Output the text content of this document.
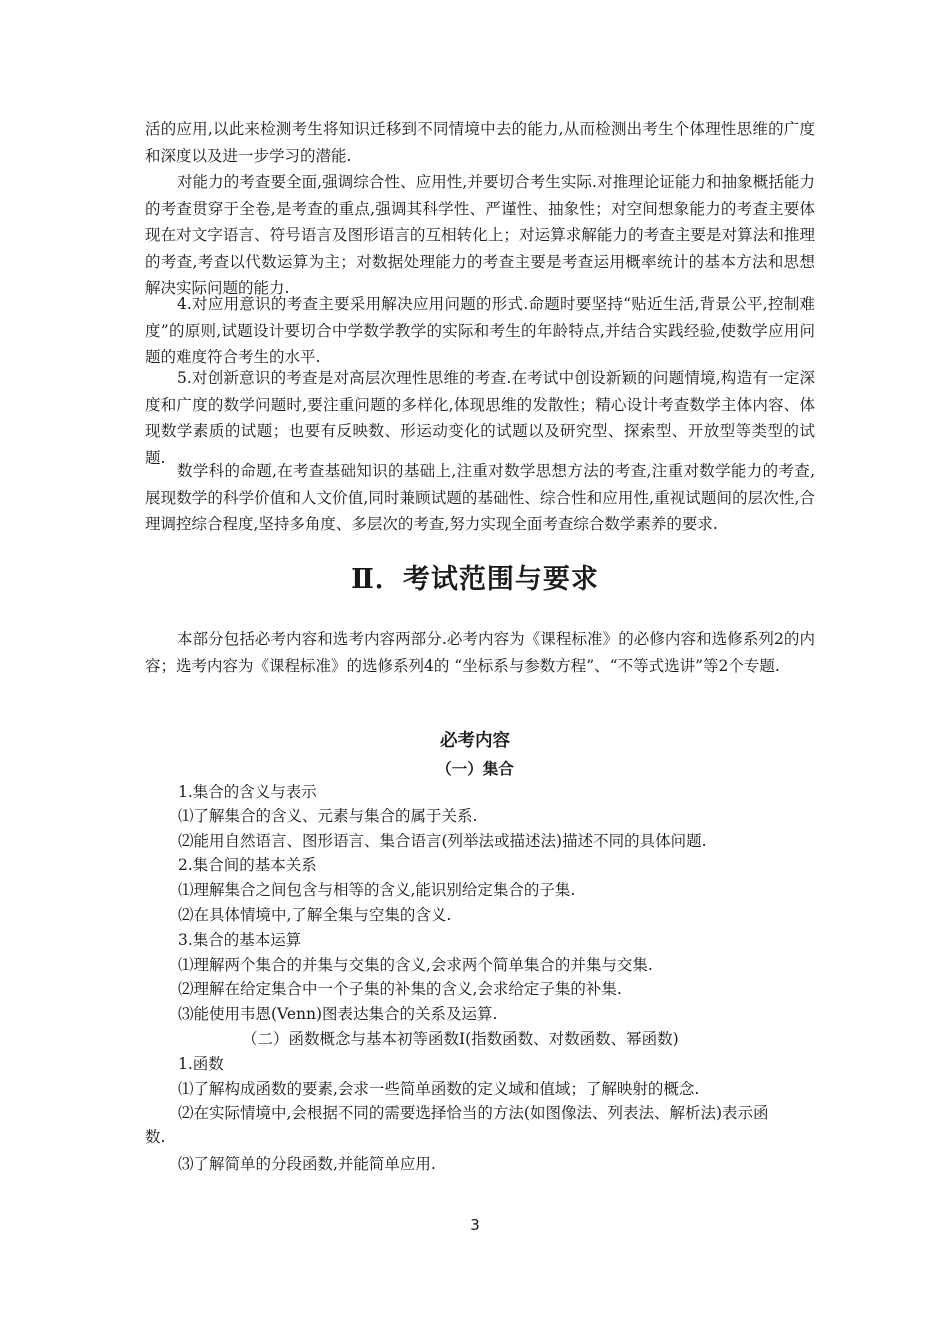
活的应用,以此来检测考生将知识迁移到不同情境中去的能力,从而检测出考生个体理性思维的广度和深度以及进一步学习的潜能.

对能力的考查要全面,强调综合性、应用性,并要切合考生实际.对推理论证能力和抽象概括能力的考查贯穿于全卷,是考查的重点,强调其科学性、严谨性、抽象性；对空间想象能力的考查主要体现在对文字语言、符号语言及图形语言的互相转化上；对运算求解能力的考查主要是对算法和推理的考查,考查以代数运算为主；对数据处理能力的考查主要是考查运用概率统计的基本方法和思想解决实际问题的能力.

4.对应用意识的考查主要采用解决应用问题的形式.命题时要坚持“贴近生活,背景公平,控制难度”的原则,试题设计要切合中学数学教学的实际和考生的年龄特点,并结合实践经验,使数学应用问题的难度符合考生的水平.

5.对创新意识的考查是对高层次理性思维的考查.在考试中创设新颖的问题情境,构造有一定深度和广度的数学问题时,要注重问题的多样化,体现思维的发散性；精心设计考查数学主体内容、体现数学素质的试题；也要有反映数、形运动变化的试题以及研究型、探索型、开放型等类型的试题.

数学科的命题,在考查基础知识的基础上,注重对数学思想方法的考查,注重对数学能力的考查,展现数学的科学价值和人文价值,同时兼顾试题的基础性、综合性和应用性,重视试题间的层次性,合理调控综合程度,坚持多角度、多层次的考查,努力实现全面考查综合数学素养的要求.

Ⅱ．考试范围与要求

本部分包括必考内容和选考内容两部分.必考内容为《课程标准》的必修内容和选修系列2的内容；选考内容为《课程标准》的选修系列4的 “坐标系与参数方程”、“不等式选讲”等2个专题.

必考内容
（一）集合

1.集合的含义与表示

⑴了解集合的含义、元素与集合的属于关系.

⑵能用自然语言、图形语言、集合语言(列举法或描述法)描述不同的具体问题.

2.集合间的基本关系

⑴理解集合之间包含与相等的含义,能识别给定集合的子集.

⑵在具体情境中,了解全集与空集的含义.

3.集合的基本运算

⑴理解两个集合的并集与交集的含义,会求两个简单集合的并集与交集.

⑵理解在给定集合中一个子集的补集的含义,会求给定子集的补集.

⑶能使用韦恩(Venn)图表达集合的关系及运算.

（二）函数概念与基本初等函数Ⅰ(指数函数、对数函数、幂函数)

1.函数

⑴了解构成函数的要素,会求一些简单函数的定义域和值域；了解映射的概念.

⑵在实际情境中,会根据不同的需要选择恰当的方法(如图像法、列表法、解析法)表示函数.

⑶了解简单的分段函数,并能简单应用.

3
